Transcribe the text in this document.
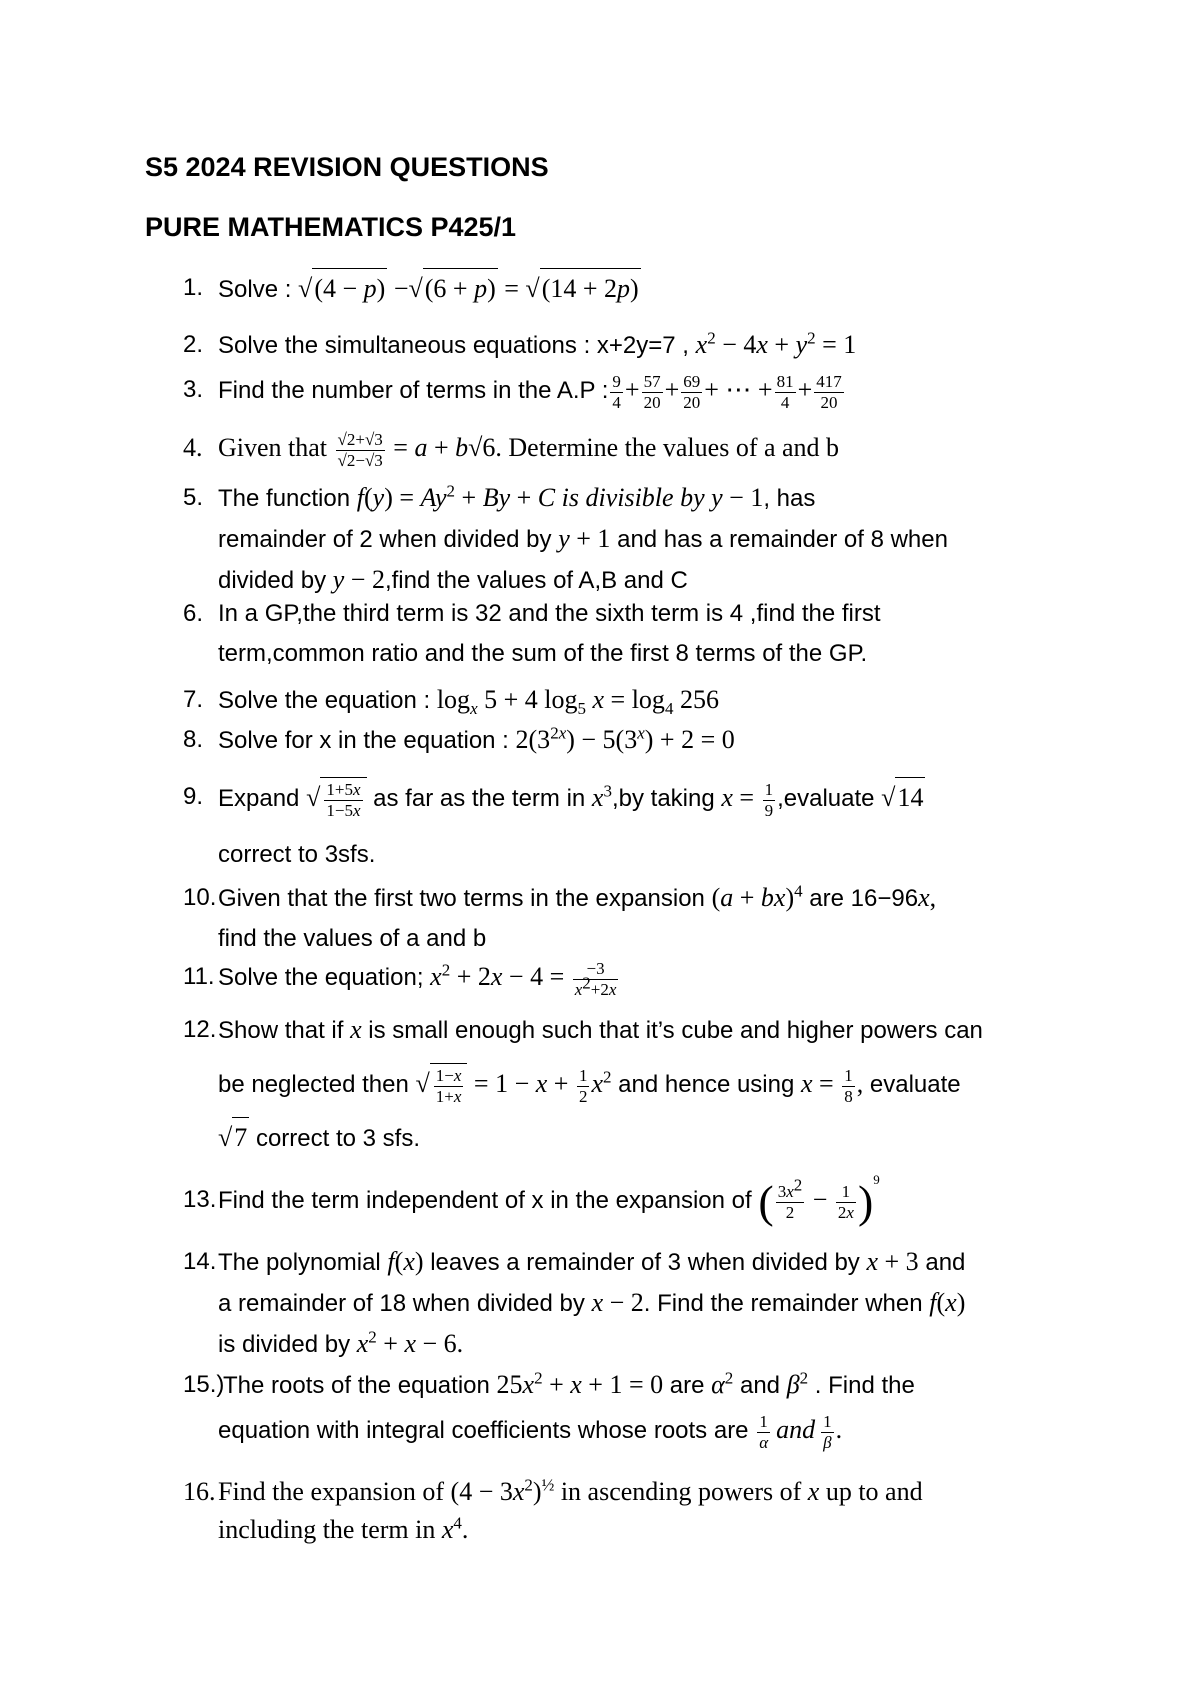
S5 2024 REVISION QUESTIONS
PURE MATHEMATICS P425/1
1. Solve : √(4 − p) −√(6 + p) = √(14 + 2p)
2. Solve the simultaneous equations : x+2y=7 , $x^2 - 4x + y^2 = 1$
3. Find the number of terms in the A.P : $\frac{9}{4} + \frac{57}{20} + \frac{69}{20}$ + ⋯ + $\frac{81}{4} + \frac{417}{20}$
4. Given that $\frac{√2+√3}{√2-√3} = a + b√6$. Determine the values of a and b
5. The function $f(y) = Ay^2 + By + C$ is divisible by y − 1, has
remainder of 2 when divided by y + 1 and has a remainder of 8 when
divided by y − 2,find the values of A,B and C
6. In a GP,the third term is 32 and the sixth term is 4 ,find the first
term,common ratio and the sum of the first 8 terms of the GP.
7. Solve the equation : $\log_x 5 + 4$ $\log_5 x = \log_4 256$
8. Solve for x in the equation : $2(3^{2x}) - 5(3^x) + 2 = 0$
9. Expand √ $\frac{1+5x}{1-5x}$ as far as the term in $x^3,by$ taking $x = \frac{1}{9}$ ,evaluate √14
correct to 3sfs.
10. Given that the first two terms in the expansion (a + bx)$^4$ are 16−96x,
find the values of a and b
11. Solve the equation; $x^2 + 2x - 4 = \frac{-3}{x^2+2x}$
12. Show that if x is small enough such that it’s cube and higher powers can
be neglected then √ $\frac{1-x}{1+x} = 1 - x + \frac{1}{2} x^2$ and hence using $x = \frac{1}{8}$ , evaluate
√7 correct to 3 sfs.
13. Find the term independent of x in the expansion of ( $\frac{3x^2}{2} - \frac{1}{2x} )^9$
14. The polynomial f(x) leaves a remainder of 3 when divided by x + 3 and
a remainder of 18 when divided by x − 2. Find the remainder when f(x)
is divided by $x^2 + x - 6$.
15.)
The roots of the equation $25x^2 + x + 1 = 0$ are $\alpha^2$ and $\beta^2$ . Find the
equation with integral coefficients whose roots are $\frac{1}{\alpha}$ and $\frac{1}{\beta}$ .
16. Find the expansion of $(4 - 3x^2)^{\frac{1}{2}}$ in ascending powers of x up to and
including the term in $x^4$.
